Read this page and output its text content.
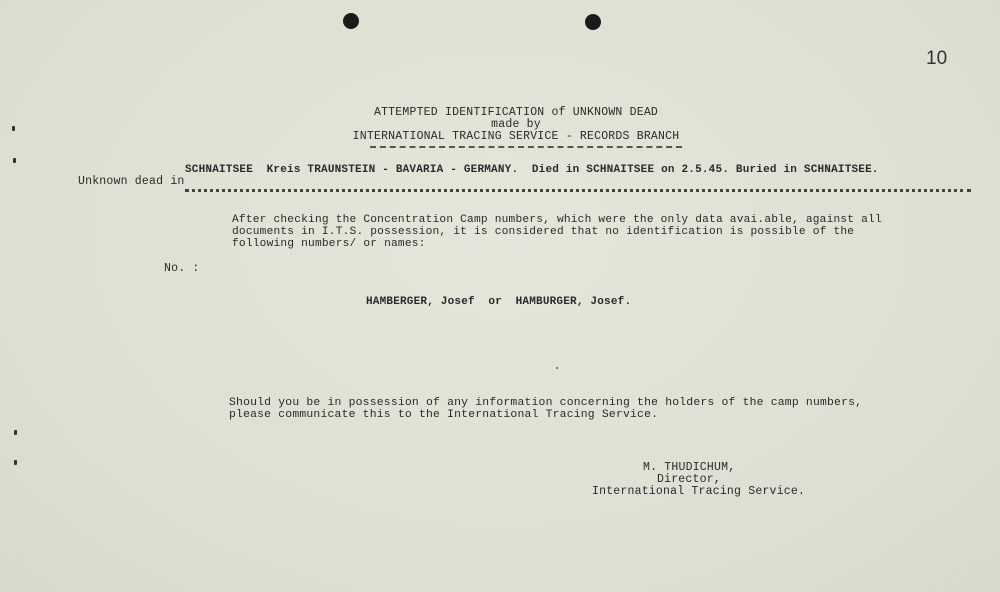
10
ATTEMPTED IDENTIFICATION of UNKNOWN DEAD
made by
INTERNATIONAL TRACING SERVICE - RECORDS BRANCH
SCHNAITSEE  Kreis TRAUNSTEIN - BAVARIA - GERMANY.  Died in SCHNAITSEE on 2.5.45. Buried in SCHNAITSEE.
Unknown dead in
After checking the Concentration Camp numbers, which were the only data avai.able, against all
documents in I.T.S. possession, it is considered that no identification is possible of the
following numbers/ or names:
No. :
HAMBERGER, Josef  or  HAMBURGER, Josef.
Should you be in possession of any information concerning the holders of the camp numbers,
please communicate this to the International Tracing Service.
M. THUDICHUM,
Director,
International Tracing Service.
